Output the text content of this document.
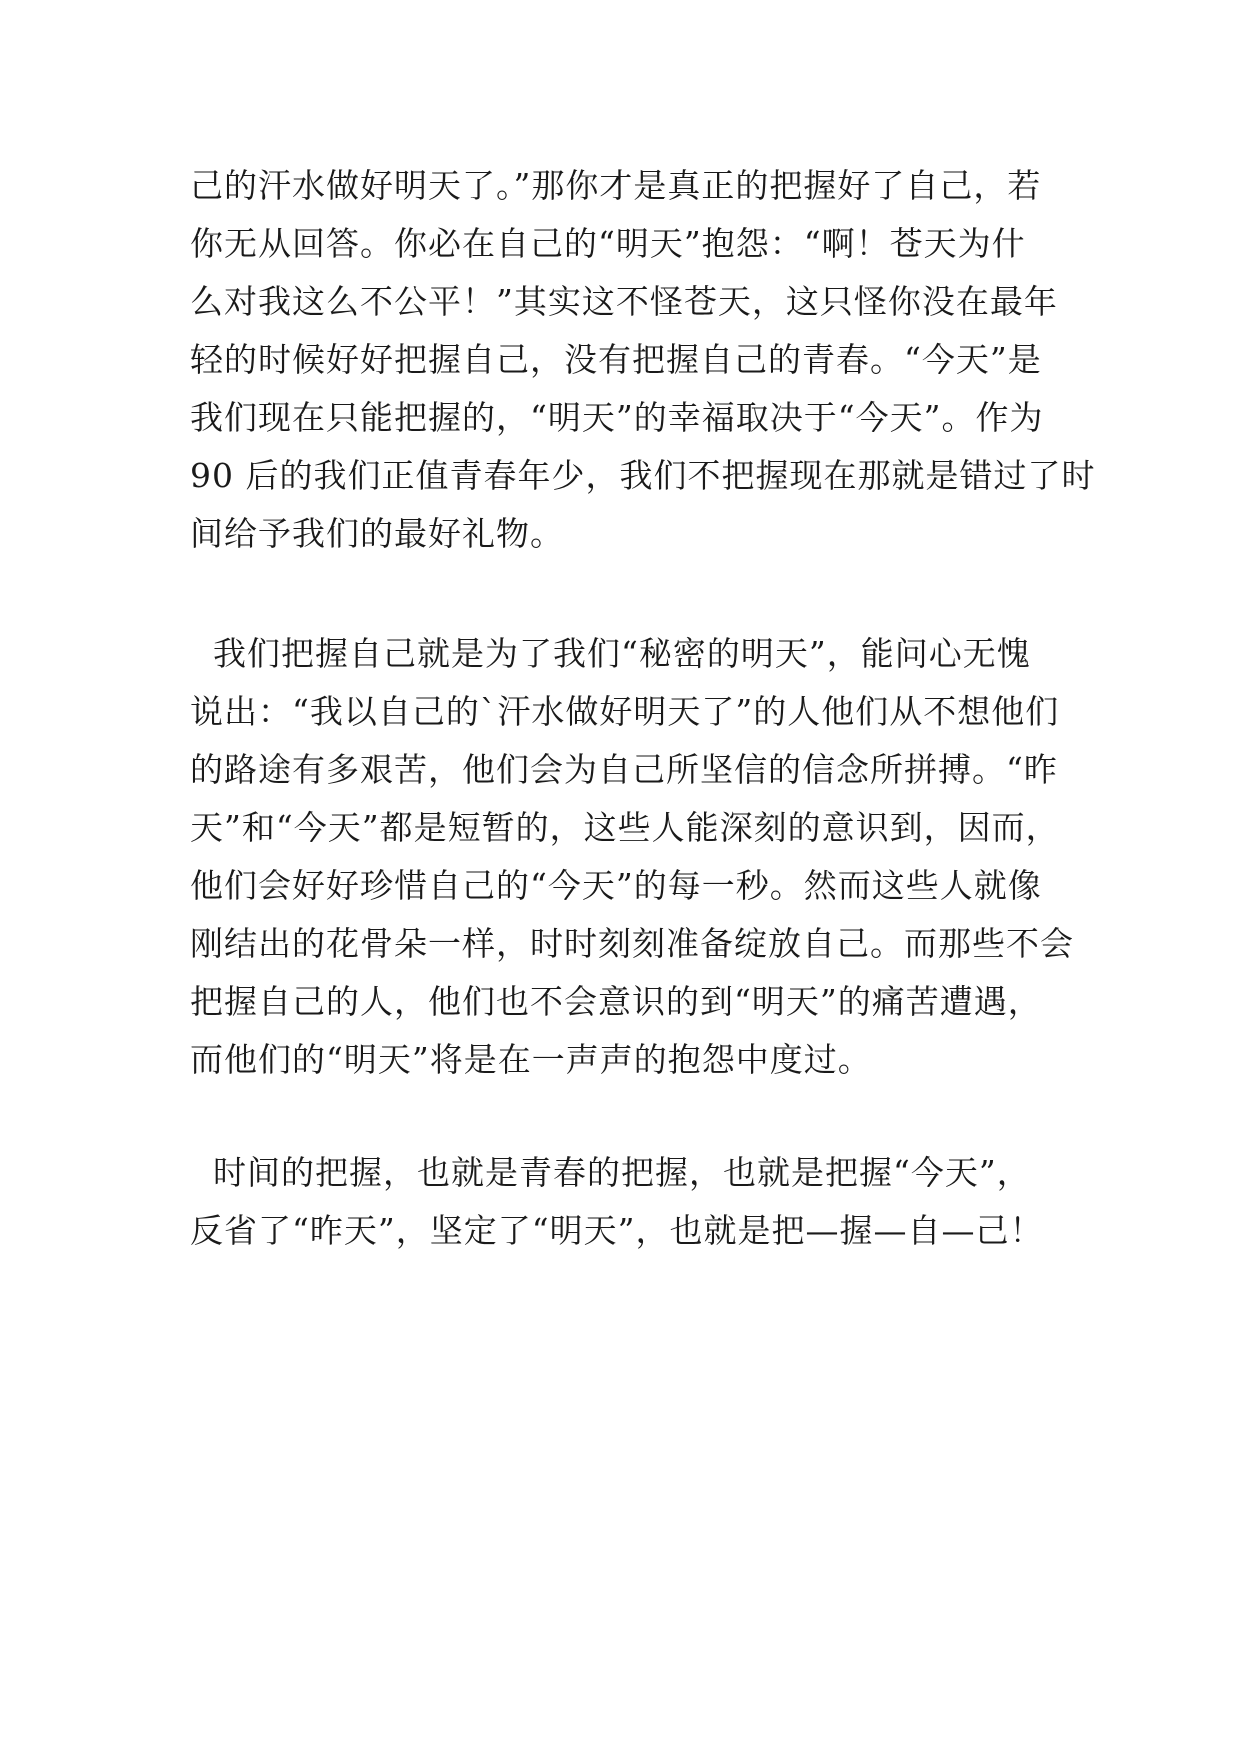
己的汗水做好明天了。”那你才是真正的把握好了自己，若
你无从回答。你必在自己的“明天”抱怨：“啊！苍天为什
么对我这么不公平！”其实这不怪苍天，这只怪你没在最年
轻的时候好好把握自己，没有把握自己的青春。“今天”是
我们现在只能把握的，“明天”的幸福取决于“今天”。作为
90 后的我们正值青春年少，我们不把握现在那就是错过了时
间给予我们的最好礼物。
我们把握自己就是为了我们“秘密的明天”，能问心无愧
说出：“我以自己的`汗水做好明天了”的人他们从不想他们
的路途有多艰苦，他们会为自己所坚信的信念所拼搏。“昨
天”和“今天”都是短暂的，这些人能深刻的意识到，因而，
他们会好好珍惜自己的“今天”的每一秒。然而这些人就像
刚结出的花骨朵一样，时时刻刻准备绽放自己。而那些不会
把握自己的人，他们也不会意识的到“明天”的痛苦遭遇，
而他们的“明天”将是在一声声的抱怨中度过。
时间的把握，也就是青春的把握，也就是把握“今天”，
反省了“昨天”，坚定了“明天”，也就是把—握—自—己！
